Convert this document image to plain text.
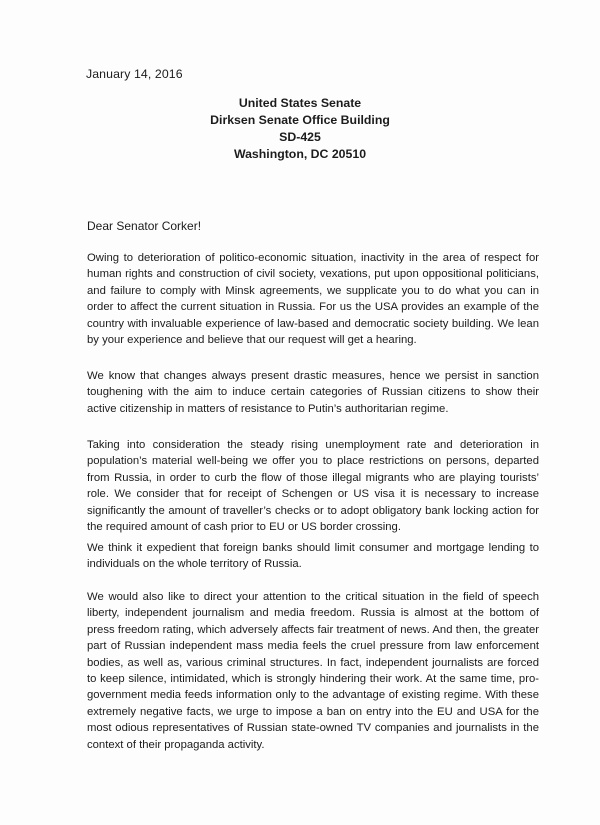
January 14, 2016
United States Senate
Dirksen Senate Office Building
SD-425
Washington, DC 20510
Dear Senator Corker!

Owing to deterioration of politico-economic situation, inactivity in the area of respect for human rights and construction of civil society, vexations, put upon oppositional politicians, and failure to comply with Minsk agreements, we supplicate you to do what you can in order to affect the current situation in Russia. For us the USA provides an example of the country with invaluable experience of law-based and democratic society building. We lean by your experience and believe that our request will get a hearing.

We know that changes always present drastic measures, hence we persist in sanction toughening with the aim to induce certain categories of Russian citizens to show their active citizenship in matters of resistance to Putin’s authoritarian regime.

Taking into consideration the steady rising unemployment rate and deterioration in population’s material well-being we offer you to place restrictions on persons, departed from Russia, in order to curb the flow of those illegal migrants who are playing tourists’ role. We consider that for receipt of Schengen or US visa it is necessary to increase significantly the amount of traveller’s checks or to adopt obligatory bank locking action for the required amount of cash prior to EU or US border crossing.

We think it expedient that foreign banks should limit consumer and mortgage lending to individuals on the whole territory of Russia.

We would also like to direct your attention to the critical situation in the field of speech liberty, independent journalism and media freedom. Russia is almost at the bottom of press freedom rating, which adversely affects fair treatment of news. And then, the greater part of Russian independent mass media feels the cruel pressure from law enforcement bodies, as well as, various criminal structures. In fact, independent journalists are forced to keep silence, intimidated, which is strongly hindering their work. At the same time, pro-government media feeds information only to the advantage of existing regime. With these extremely negative facts, we urge to impose a ban on entry into the EU and USA for the most odious representatives of Russian state-owned TV companies and journalists in the context of their propaganda activity.
